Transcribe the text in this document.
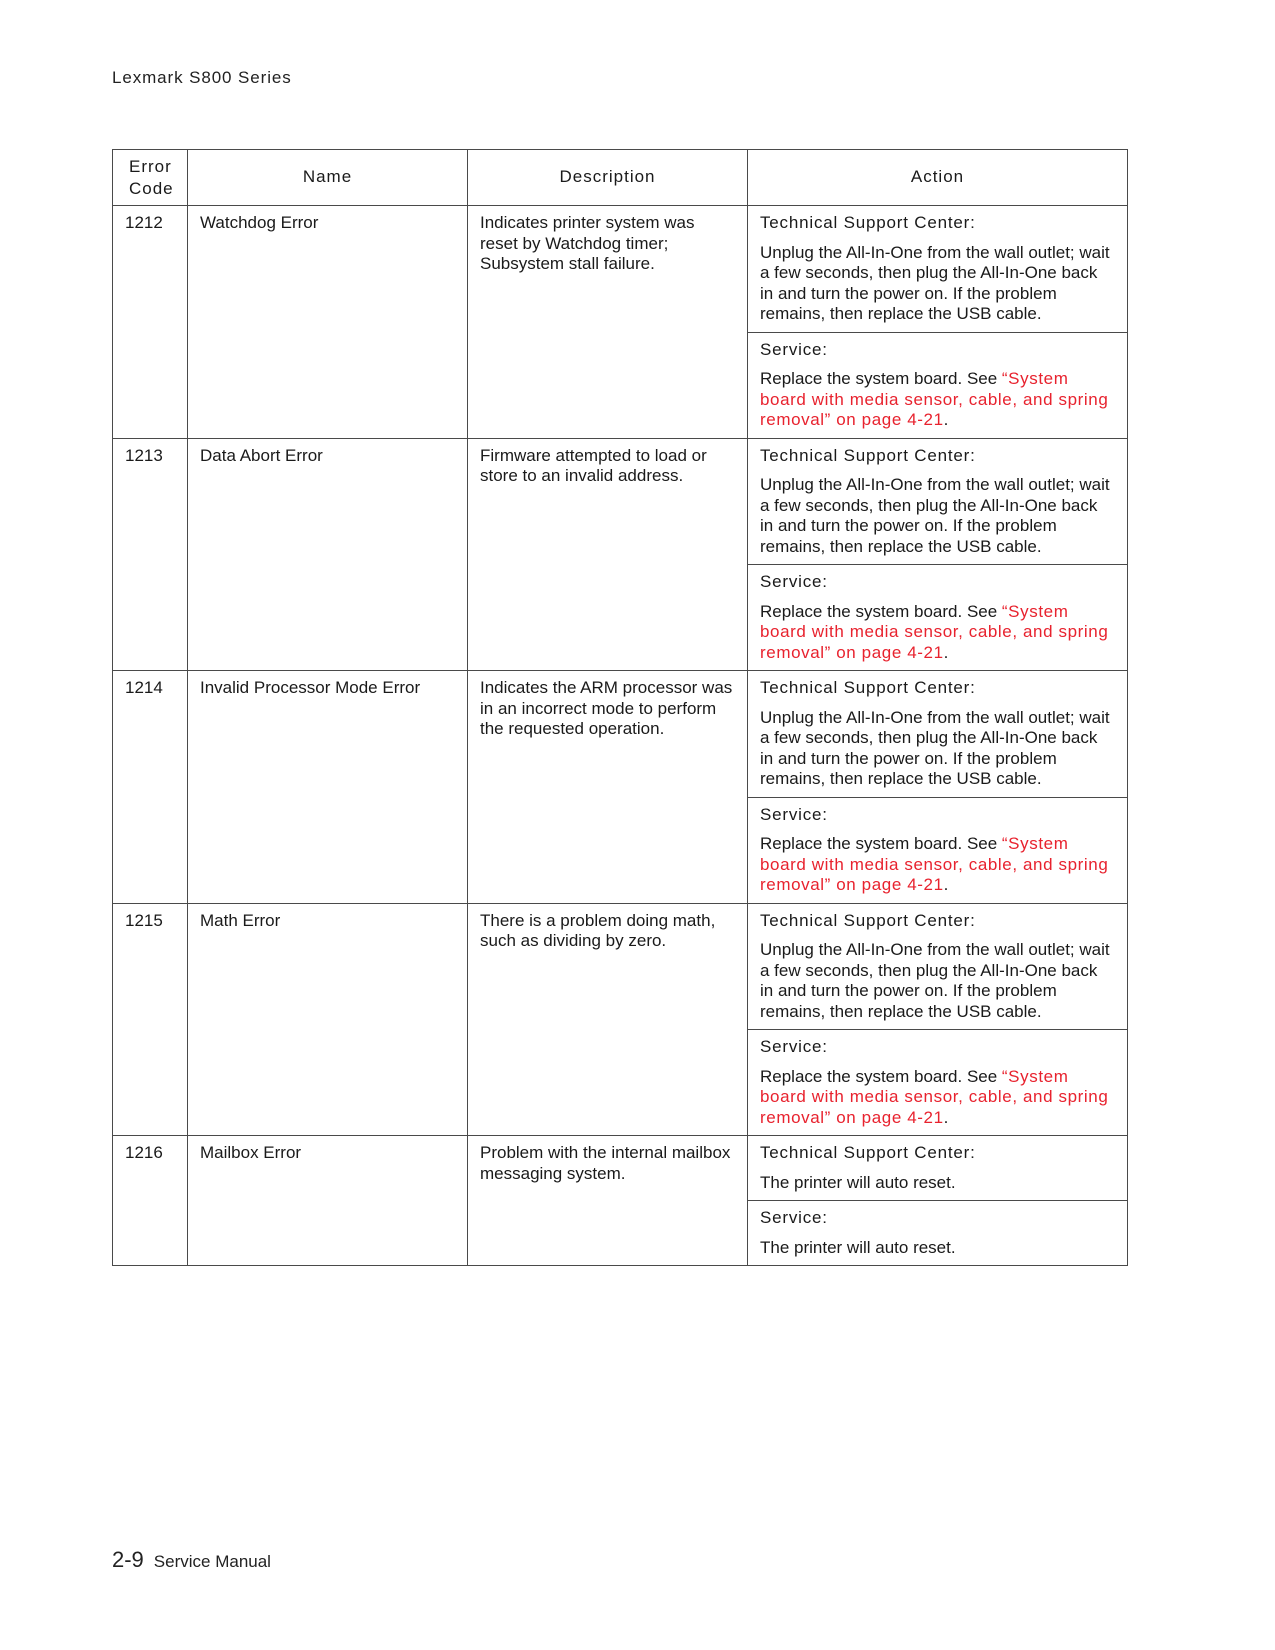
Lexmark S800 Series
Error
Code	Name	Description	Action
1212	Watchdog Error	Indicates printer system was reset by Watchdog timer; Subsystem stall failure.	Technical Support Center:

Unplug the All-In-One from the wall outlet; wait a few seconds, then plug the All-In-One back in and turn the power on. If the problem remains, then replace the USB cable.

			Service:

Replace the system board. See “System board with media sensor, cable, and spring removal” on page 4-21.

1213	Data Abort Error	Firmware attempted to load or store to an invalid address.	Technical Support Center:

Unplug the All-In-One from the wall outlet; wait a few seconds, then plug the All-In-One back in and turn the power on. If the problem remains, then replace the USB cable.

			Service:

Replace the system board. See “System board with media sensor, cable, and spring removal” on page 4-21.

1214	Invalid Processor Mode Error	Indicates the ARM processor was in an incorrect mode to perform the requested operation.	Technical Support Center:

Unplug the All-In-One from the wall outlet; wait a few seconds, then plug the All-In-One back in and turn the power on. If the problem remains, then replace the USB cable.

			Service:

Replace the system board. See “System board with media sensor, cable, and spring removal” on page 4-21.

1215	Math Error	There is a problem doing math, such as dividing by zero.	Technical Support Center:

Unplug the All-In-One from the wall outlet; wait a few seconds, then plug the All-In-One back in and turn the power on. If the problem remains, then replace the USB cable.

			Service:

Replace the system board. See “System board with media sensor, cable, and spring removal” on page 4-21.

1216	Mailbox Error	Problem with the internal mailbox messaging system.	Technical Support Center:

The printer will auto reset.

			Service:

The printer will auto reset.

2-9 Service Manual
